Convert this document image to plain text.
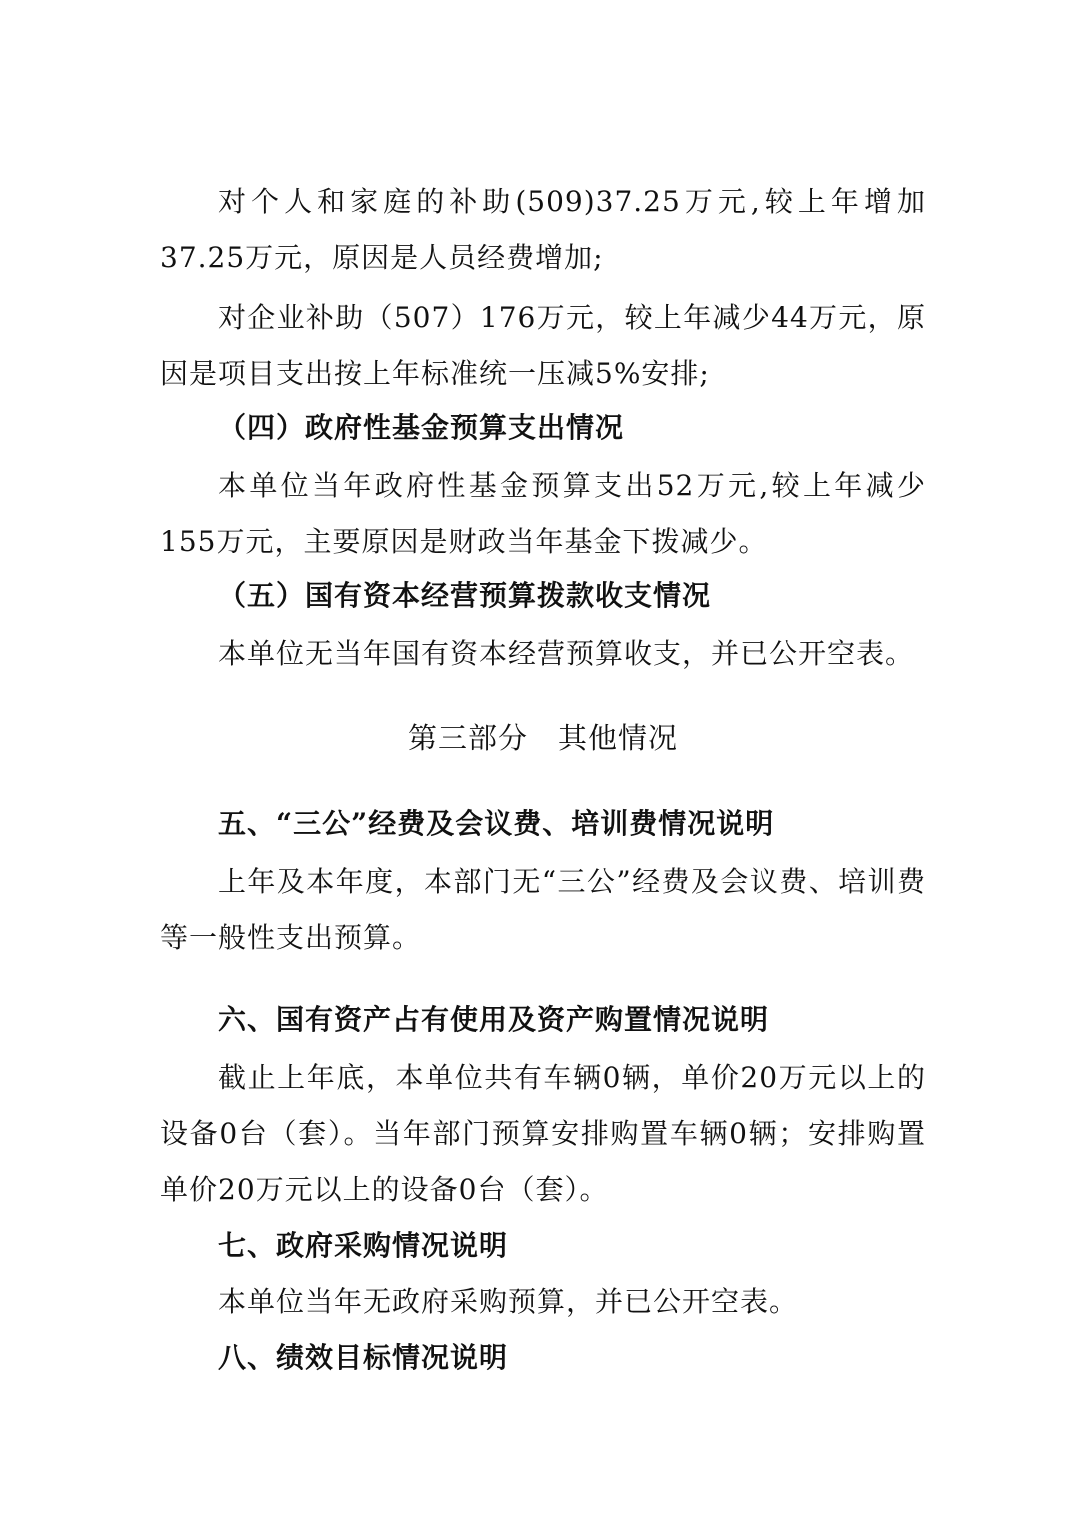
对个人和家庭的补助(509)37.25万元,较上年增加37.25万元，原因是人员经费增加;

对企业补助（507）176万元，较上年减少44万元，原因是项目支出按上年标准统一压减5%安排;

（四）政府性基金预算支出情况

本单位当年政府性基金预算支出52万元,较上年减少155万元，主要原因是财政当年基金下拨减少。

（五）国有资本经营预算拨款收支情况

本单位无当年国有资本经营预算收支，并已公开空表。

第三部分　其他情况

五、“三公”经费及会议费、培训费情况说明

上年及本年度，本部门无“三公”经费及会议费、培训费等一般性支出预算。

六、国有资产占有使用及资产购置情况说明

截止上年底，本单位共有车辆0辆，单价20万元以上的设备0台（套）。当年部门预算安排购置车辆0辆；安排购置单价20万元以上的设备0台（套）。

七、政府采购情况说明

本单位当年无政府采购预算，并已公开空表。

八、绩效目标情况说明
